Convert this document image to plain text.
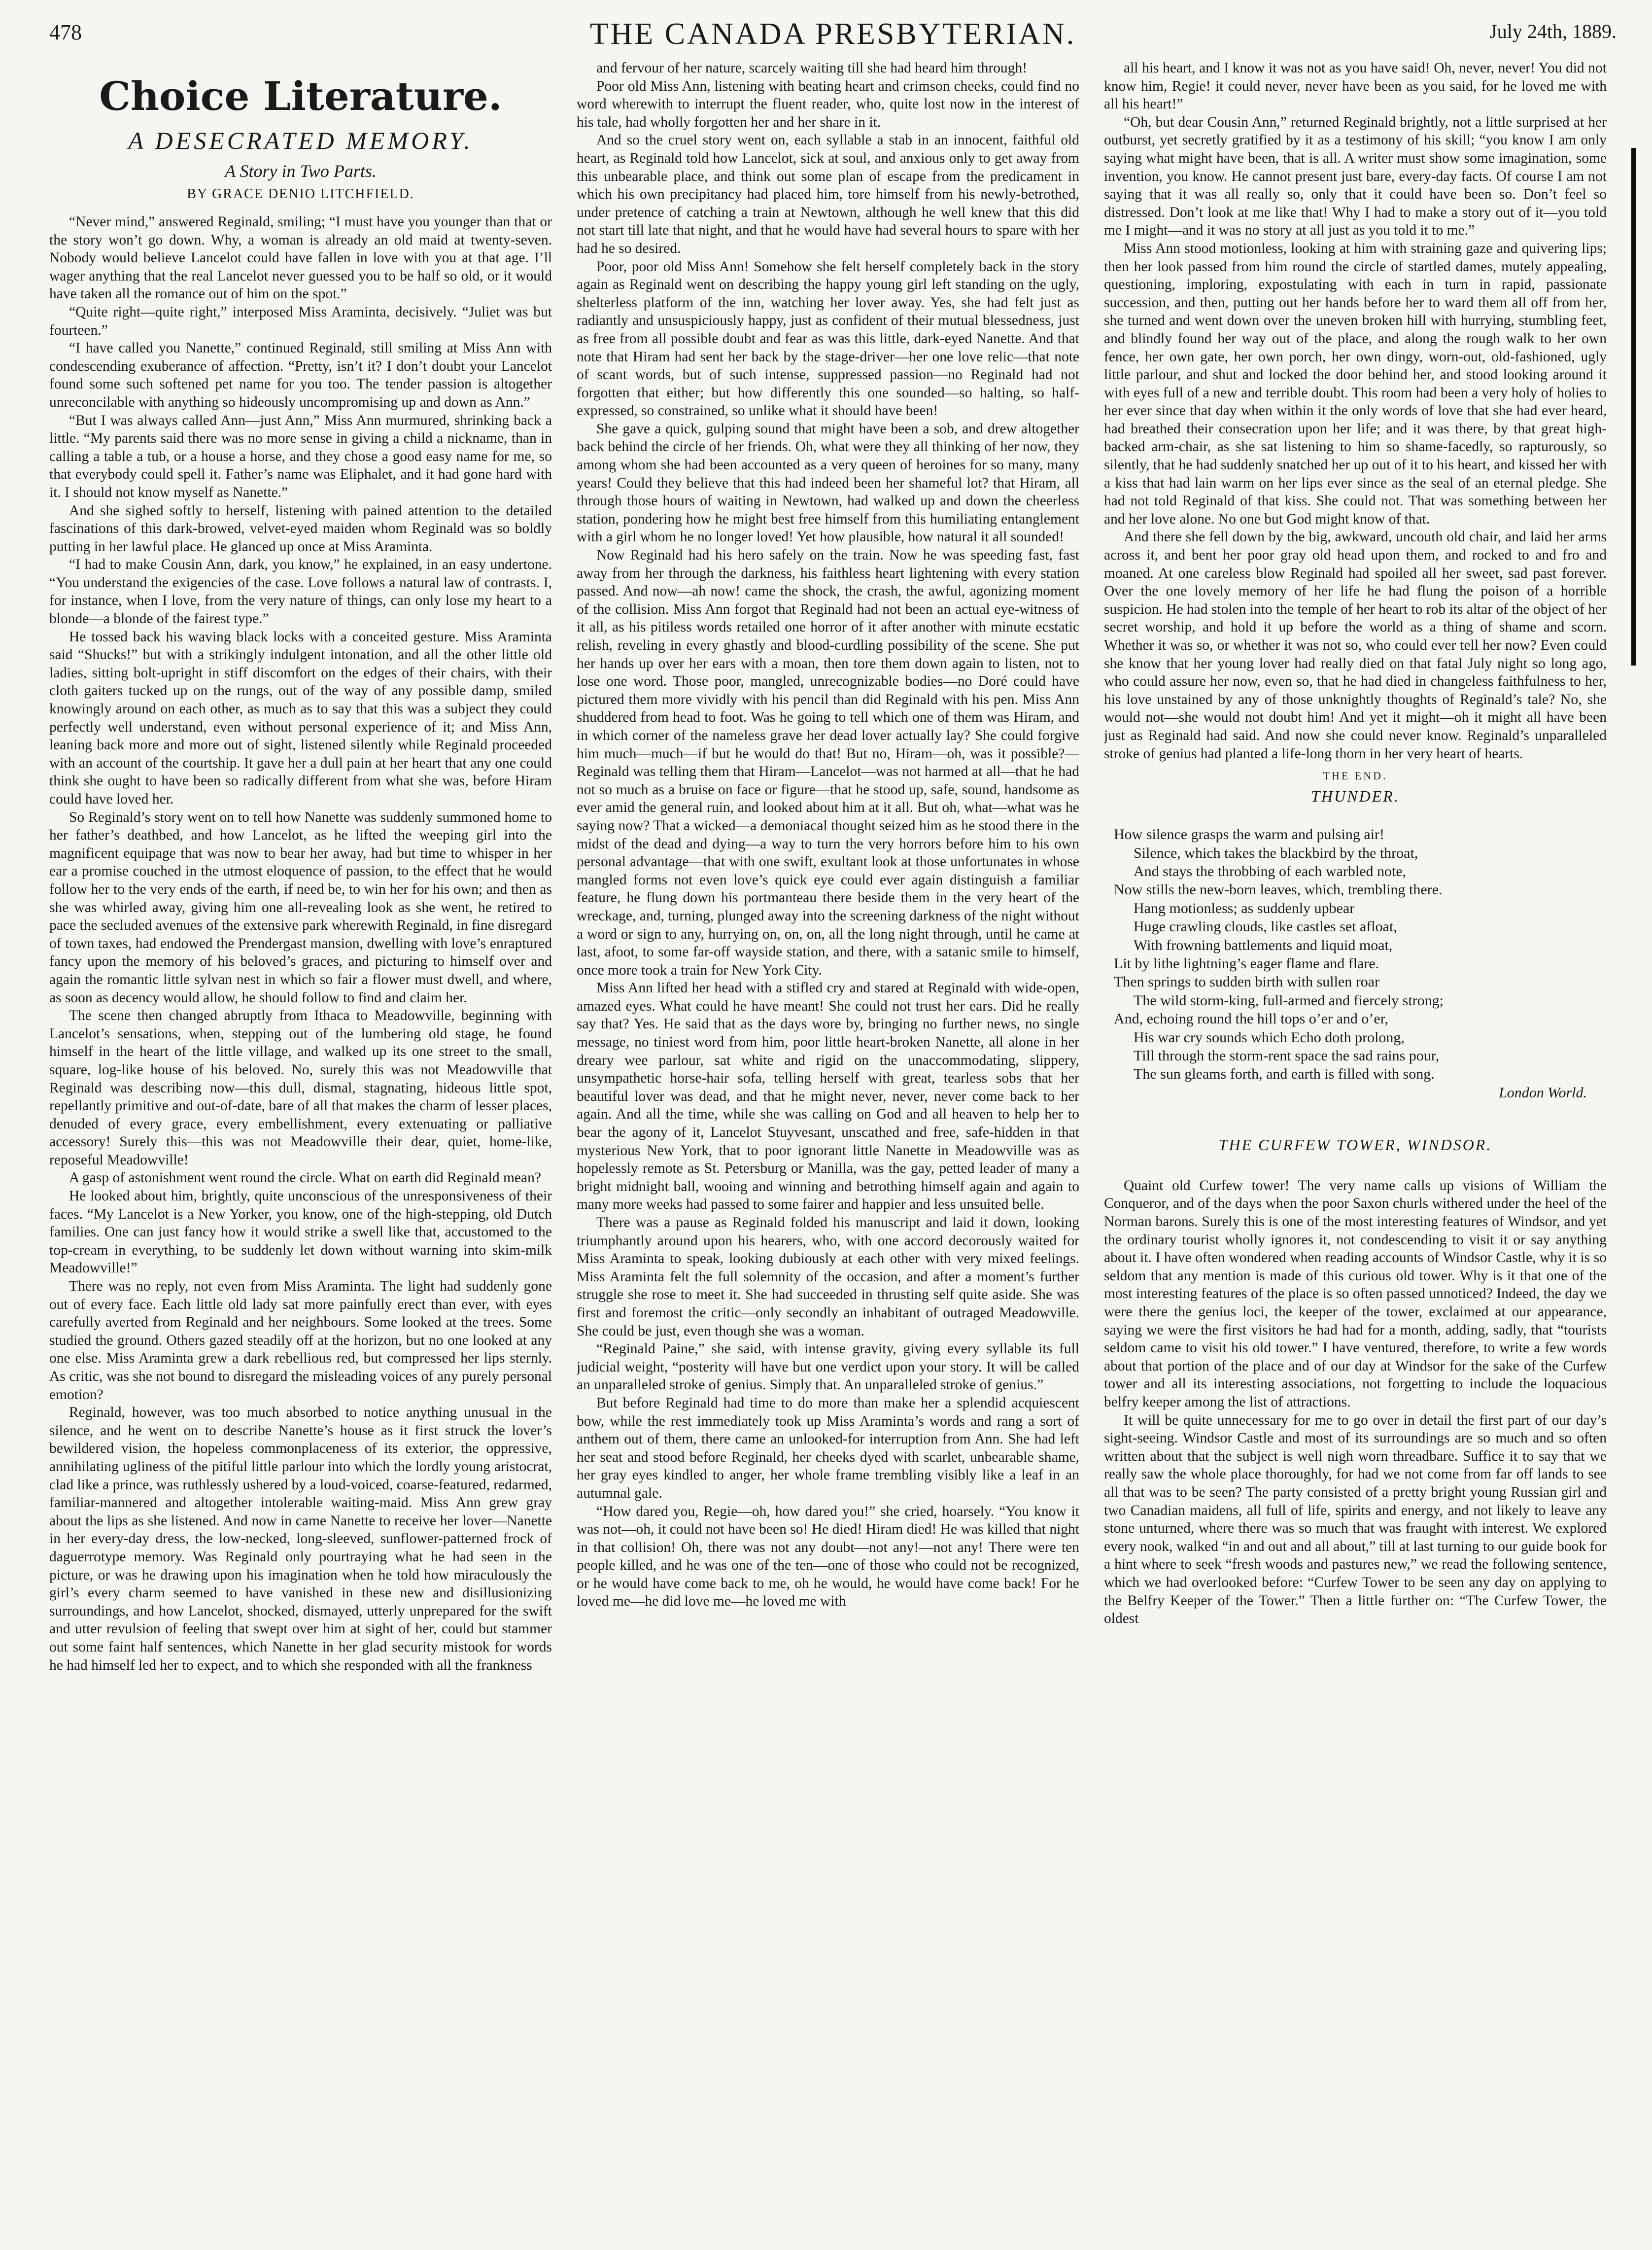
478	THE CANADA PRESBYTERIAN.	July 24th, 1889.
Choice Literature.
A DESECRATED MEMORY.
A Story in Two Parts.
BY GRACE DENIO LITCHFIELD.

“Never mind,” answered Reginald, smiling; “I must have you younger than that or the story won’t go down. Why, a woman is already an old maid at twenty-seven. Nobody would believe Lancelot could have fallen in love with you at that age. I’ll wager anything that the real Lancelot never guessed you to be half so old, or it would have taken all the romance out of him on the spot.”

“Quite right—quite right,” interposed Miss Araminta, decisively. “Juliet was but fourteen.”

“I have called you Nanette,” continued Reginald, still smiling at Miss Ann with condescending exuberance of affection. “Pretty, isn’t it? I don’t doubt your Lancelot found some such softened pet name for you too. The tender passion is altogether unreconcilable with anything so hideously uncompromising up and down as Ann.”

“But I was always called Ann—just Ann,” Miss Ann murmured, shrinking back a little. “My parents said there was no more sense in giving a child a nickname, than in calling a table a tub, or a house a horse, and they chose a good easy name for me, so that everybody could spell it. Father’s name was Eliphalet, and it had gone hard with it. I should not know myself as Nanette.”

And she sighed softly to herself, listening with pained attention to the detailed fascinations of this dark-browed, velvet-eyed maiden whom Reginald was so boldly putting in her lawful place. He glanced up once at Miss Araminta.

“I had to make Cousin Ann, dark, you know,” he explained, in an easy undertone. “You understand the exigencies of the case. Love follows a natural law of contrasts. I, for instance, when I love, from the very nature of things, can only lose my heart to a blonde—a blonde of the fairest type.”

He tossed back his waving black locks with a conceited gesture. Miss Araminta said “Shucks!” but with a strikingly indulgent intonation, and all the other little old ladies, sitting bolt-upright in stiff discomfort on the edges of their chairs, with their cloth gaiters tucked up on the rungs, out of the way of any possible damp, smiled knowingly around on each other, as much as to say that this was a subject they could perfectly well understand, even without personal experience of it; and Miss Ann, leaning back more and more out of sight, listened silently while Reginald proceeded with an account of the courtship. It gave her a dull pain at her heart that any one could think she ought to have been so radically different from what she was, before Hiram could have loved her.

So Reginald’s story went on to tell how Nanette was suddenly summoned home to her father’s deathbed, and how Lancelot, as he lifted the weeping girl into the magnificent equipage that was now to bear her away, had but time to whisper in her ear a promise couched in the utmost eloquence of passion, to the effect that he would follow her to the very ends of the earth, if need be, to win her for his own; and then as she was whirled away, giving him one all-revealing look as she went, he retired to pace the secluded avenues of the extensive park wherewith Reginald, in fine disregard of town taxes, had endowed the Prendergast mansion, dwelling with love’s enraptured fancy upon the memory of his beloved’s graces, and picturing to himself over and again the romantic little sylvan nest in which so fair a flower must dwell, and where, as soon as decency would allow, he should follow to find and claim her.

The scene then changed abruptly from Ithaca to Meadowville, beginning with Lancelot’s sensations, when, stepping out of the lumbering old stage, he found himself in the heart of the little village, and walked up its one street to the small, square, log-like house of his beloved. No, surely this was not Meadowville that Reginald was describing now—this dull, dismal, stagnating, hideous little spot, repellantly primitive and out-of-date, bare of all that makes the charm of lesser places, denuded of every grace, every embellishment, every extenuating or palliative accessory! Surely this—this was not Meadowville their dear, quiet, home-like, reposeful Meadowville!

A gasp of astonishment went round the circle. What on earth did Reginald mean?

He looked about him, brightly, quite unconscious of the unresponsiveness of their faces. “My Lancelot is a New Yorker, you know, one of the high-stepping, old Dutch families. One can just fancy how it would strike a swell like that, accustomed to the top-cream in everything, to be suddenly let down without warning into skim-milk Meadowville!”

There was no reply, not even from Miss Araminta. The light had suddenly gone out of every face. Each little old lady sat more painfully erect than ever, with eyes carefully averted from Reginald and her neighbours. Some looked at the trees. Some studied the ground. Others gazed steadily off at the horizon, but no one looked at any one else. Miss Araminta grew a dark rebellious red, but compressed her lips sternly. As critic, was she not bound to disregard the misleading voices of any purely personal emotion?

Reginald, however, was too much absorbed to notice anything unusual in the silence, and he went on to describe Nanette’s house as it first struck the lover’s bewildered vision, the hopeless commonplaceness of its exterior, the oppressive, annihilating ugliness of the pitiful little parlour into which the lordly young aristocrat, clad like a prince, was ruthlessly ushered by a loud-voiced, coarse-featured, redarmed, familiar-mannered and altogether intolerable waiting-maid. Miss Ann grew gray about the lips as she listened. And now in came Nanette to receive her lover—Nanette in her every-day dress, the low-necked, long-sleeved, sunflower-patterned frock of daguerrotype memory. Was Reginald only pourtraying what he had seen in the picture, or was he drawing upon his imagination when he told how miraculously the girl’s every charm seemed to have vanished in these new and disillusionizing surroundings, and how Lancelot, shocked, dismayed, utterly unprepared for the swift and utter revulsion of feeling that swept over him at sight of her, could but stammer out some faint half sentences, which Nanette in her glad security mistook for words he had himself led her to expect, and to which she responded with all the frankness

and fervour of her nature, scarcely waiting till she had heard him through!

Poor old Miss Ann, listening with beating heart and crimson cheeks, could find no word wherewith to interrupt the fluent reader, who, quite lost now in the interest of his tale, had wholly forgotten her and her share in it.

And so the cruel story went on, each syllable a stab in an innocent, faithful old heart, as Reginald told how Lancelot, sick at soul, and anxious only to get away from this unbearable place, and think out some plan of escape from the predicament in which his own precipitancy had placed him, tore himself from his newly-betrothed, under pretence of catching a train at Newtown, although he well knew that this did not start till late that night, and that he would have had several hours to spare with her had he so desired.

Poor, poor old Miss Ann! Somehow she felt herself completely back in the story again as Reginald went on describing the happy young girl left standing on the ugly, shelterless platform of the inn, watching her lover away. Yes, she had felt just as radiantly and unsuspiciously happy, just as confident of their mutual blessedness, just as free from all possible doubt and fear as was this little, dark-eyed Nanette. And that note that Hiram had sent her back by the stage-driver—her one love relic—that note of scant words, but of such intense, suppressed passion—no Reginald had not forgotten that either; but how differently this one sounded—so halting, so half-expressed, so constrained, so unlike what it should have been!

She gave a quick, gulping sound that might have been a sob, and drew altogether back behind the circle of her friends. Oh, what were they all thinking of her now, they among whom she had been accounted as a very queen of heroines for so many, many years! Could they believe that this had indeed been her shameful lot? that Hiram, all through those hours of waiting in Newtown, had walked up and down the cheerless station, pondering how he might best free himself from this humiliating entanglement with a girl whom he no longer loved! Yet how plausible, how natural it all sounded!

Now Reginald had his hero safely on the train. Now he was speeding fast, fast away from her through the darkness, his faithless heart lightening with every station passed. And now—ah now! came the shock, the crash, the awful, agonizing moment of the collision. Miss Ann forgot that Reginald had not been an actual eye-witness of it all, as his pitiless words retailed one horror of it after another with minute ecstatic relish, reveling in every ghastly and blood-curdling possibility of the scene. She put her hands up over her ears with a moan, then tore them down again to listen, not to lose one word. Those poor, mangled, unrecognizable bodies—no Doré could have pictured them more vividly with his pencil than did Reginald with his pen. Miss Ann shuddered from head to foot. Was he going to tell which one of them was Hiram, and in which corner of the nameless grave her dead lover actually lay? She could forgive him much—much—if but he would do that! But no, Hiram—oh, was it possible?—Reginald was telling them that Hiram—Lancelot—was not harmed at all—that he had not so much as a bruise on face or figure—that he stood up, safe, sound, handsome as ever amid the general ruin, and looked about him at it all. But oh, what—what was he saying now? That a wicked—a demoniacal thought seized him as he stood there in the midst of the dead and dying—a way to turn the very horrors before him to his own personal advantage—that with one swift, exultant look at those unfortunates in whose mangled forms not even love’s quick eye could ever again distinguish a familiar feature, he flung down his portmanteau there beside them in the very heart of the wreckage, and, turning, plunged away into the screening darkness of the night without a word or sign to any, hurrying on, on, on, all the long night through, until he came at last, afoot, to some far-off wayside station, and there, with a satanic smile to himself, once more took a train for New York City.

Miss Ann lifted her head with a stifled cry and stared at Reginald with wide-open, amazed eyes. What could he have meant! She could not trust her ears. Did he really say that? Yes. He said that as the days wore by, bringing no further news, no single message, no tiniest word from him, poor little heart-broken Nanette, all alone in her dreary wee parlour, sat white and rigid on the unaccommodating, slippery, unsympathetic horse-hair sofa, telling herself with great, tearless sobs that her beautiful lover was dead, and that he might never, never, never come back to her again. And all the time, while she was calling on God and all heaven to help her to bear the agony of it, Lancelot Stuyvesant, unscathed and free, safe-hidden in that mysterious New York, that to poor ignorant little Nanette in Meadowville was as hopelessly remote as St. Petersburg or Manilla, was the gay, petted leader of many a bright midnight ball, wooing and winning and betrothing himself again and again to many more weeks had passed to some fairer and happier and less unsuited belle.

There was a pause as Reginald folded his manuscript and laid it down, looking triumphantly around upon his hearers, who, with one accord decorously waited for Miss Araminta to speak, looking dubiously at each other with very mixed feelings. Miss Araminta felt the full solemnity of the occasion, and after a moment’s further struggle she rose to meet it. She had succeeded in thrusting self quite aside. She was first and foremost the critic—only secondly an inhabitant of outraged Meadowville. She could be just, even though she was a woman.

“Reginald Paine,” she said, with intense gravity, giving every syllable its full judicial weight, “posterity will have but one verdict upon your story. It will be called an unparalleled stroke of genius. Simply that. An unparalleled stroke of genius.”

But before Reginald had time to do more than make her a splendid acquiescent bow, while the rest immediately took up Miss Araminta’s words and rang a sort of anthem out of them, there came an unlooked-for interruption from Ann. She had left her seat and stood before Reginald, her cheeks dyed with scarlet, unbearable shame, her gray eyes kindled to anger, her whole frame trembling visibly like a leaf in an autumnal gale.

“How dared you, Regie—oh, how dared you!” she cried, hoarsely. “You know it was not—oh, it could not have been so! He died! Hiram died! He was killed that night in that collision! Oh, there was not any doubt—not any!—not any! There were ten people killed, and he was one of the ten—one of those who could not be recognized, or he would have come back to me, oh he would, he would have come back! For he loved me—he did love me—he loved me with

all his heart, and I know it was not as you have said! Oh, never, never! You did not know him, Regie! it could never, never have been as you said, for he loved me with all his heart!”

“Oh, but dear Cousin Ann,” returned Reginald brightly, not a little surprised at her outburst, yet secretly gratified by it as a testimony of his skill; “you know I am only saying what might have been, that is all. A writer must show some imagination, some invention, you know. He cannot present just bare, every-day facts. Of course I am not saying that it was all really so, only that it could have been so. Don’t feel so distressed. Don’t look at me like that! Why I had to make a story out of it—you told me I might—and it was no story at all just as you told it to me.”

Miss Ann stood motionless, looking at him with straining gaze and quivering lips; then her look passed from him round the circle of startled dames, mutely appealing, questioning, imploring, expostulating with each in turn in rapid, passionate succession, and then, putting out her hands before her to ward them all off from her, she turned and went down over the uneven broken hill with hurrying, stumbling feet, and blindly found her way out of the place, and along the rough walk to her own fence, her own gate, her own porch, her own dingy, worn-out, old-fashioned, ugly little parlour, and shut and locked the door behind her, and stood looking around it with eyes full of a new and terrible doubt. This room had been a very holy of holies to her ever since that day when within it the only words of love that she had ever heard, had breathed their consecration upon her life; and it was there, by that great high-backed arm-chair, as she sat listening to him so shame-facedly, so rapturously, so silently, that he had suddenly snatched her up out of it to his heart, and kissed her with a kiss that had lain warm on her lips ever since as the seal of an eternal pledge. She had not told Reginald of that kiss. She could not. That was something between her and her love alone. No one but God might know of that.

And there she fell down by the big, awkward, uncouth old chair, and laid her arms across it, and bent her poor gray old head upon them, and rocked to and fro and moaned. At one careless blow Reginald had spoiled all her sweet, sad past forever. Over the one lovely memory of her life he had flung the poison of a horrible suspicion. He had stolen into the temple of her heart to rob its altar of the object of her secret worship, and hold it up before the world as a thing of shame and scorn. Whether it was so, or whether it was not so, who could ever tell her now? Even could she know that her young lover had really died on that fatal July night so long ago, who could assure her now, even so, that he had died in changeless faithfulness to her, his love unstained by any of those unknightly thoughts of Reginald’s tale? No, she would not—she would not doubt him! And yet it might—oh it might all have been just as Reginald had said. And now she could never know. Reginald’s unparalleled stroke of genius had planted a life-long thorn in her very heart of hearts.

THE END.
THUNDER.
How silence grasps the warm and pulsing air!
Silence, which takes the blackbird by the throat,
And stays the throbbing of each warbled note,
Now stills the new-born leaves, which, trembling there.
Hang motionless; as suddenly upbear
Huge crawling clouds, like castles set afloat,
With frowning battlements and liquid moat,
Lit by lithe lightning’s eager flame and flare.
Then springs to sudden birth with sullen roar
The wild storm-king, full-armed and fiercely strong;
And, echoing round the hill tops o’er and o’er,
His war cry sounds which Echo doth prolong,
Till through the storm-rent space the sad rains pour,
The sun gleams forth, and earth is filled with song.
London World.
THE CURFEW TOWER, WINDSOR.

Quaint old Curfew tower! The very name calls up visions of William the Conqueror, and of the days when the poor Saxon churls withered under the heel of the Norman barons. Surely this is one of the most interesting features of Windsor, and yet the ordinary tourist wholly ignores it, not condescending to visit it or say anything about it. I have often wondered when reading accounts of Windsor Castle, why it is so seldom that any mention is made of this curious old tower. Why is it that one of the most interesting features of the place is so often passed unnoticed? Indeed, the day we were there the genius loci, the keeper of the tower, exclaimed at our appearance, saying we were the first visitors he had had for a month, adding, sadly, that “tourists seldom came to visit his old tower.” I have ventured, therefore, to write a few words about that portion of the place and of our day at Windsor for the sake of the Curfew tower and all its interesting associations, not forgetting to include the loquacious belfry keeper among the list of attractions.

It will be quite unnecessary for me to go over in detail the first part of our day’s sight-seeing. Windsor Castle and most of its surroundings are so much and so often written about that the subject is well nigh worn threadbare. Suffice it to say that we really saw the whole place thoroughly, for had we not come from far off lands to see all that was to be seen? The party consisted of a pretty bright young Russian girl and two Canadian maidens, all full of life, spirits and energy, and not likely to leave any stone unturned, where there was so much that was fraught with interest. We explored every nook, walked “in and out and all about,” till at last turning to our guide book for a hint where to seek “fresh woods and pastures new,” we read the following sentence, which we had overlooked before: “Curfew Tower to be seen any day on applying to the Belfry Keeper of the Tower.” Then a little further on: “The Curfew Tower, the oldest
